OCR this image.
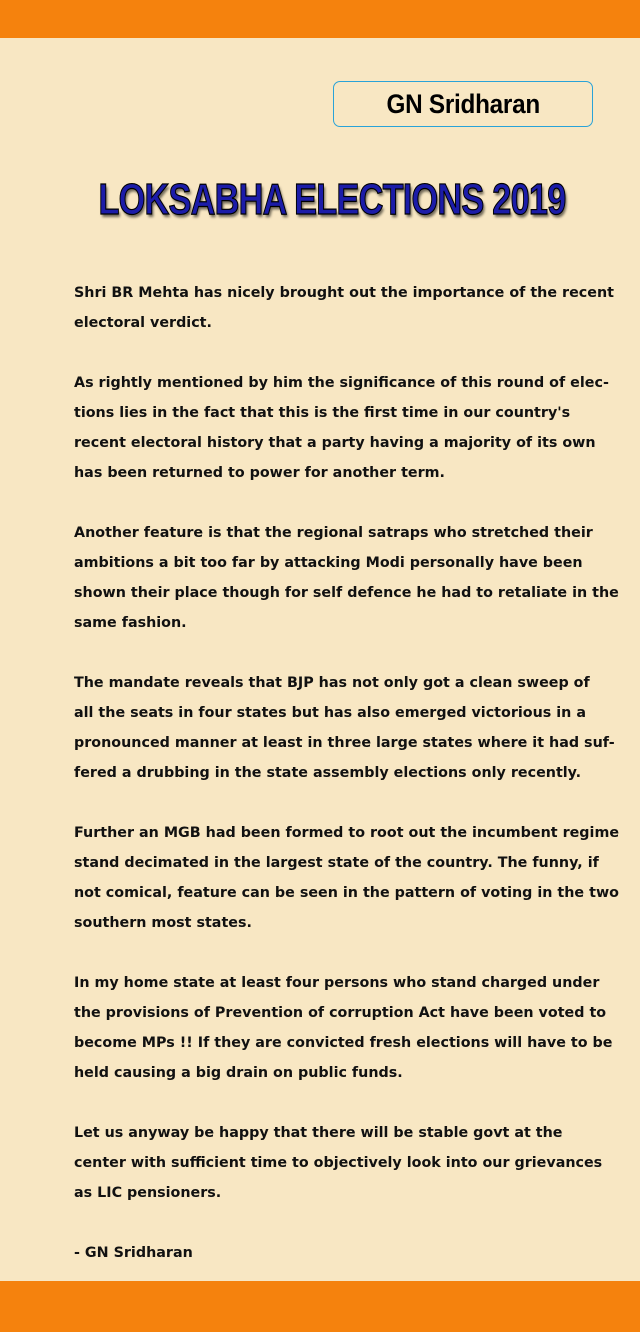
GN Sridharan
LOKSABHA ELECTIONS 2019

Shri BR Mehta has nicely brought out the importance of the recent
electoral verdict.

As rightly mentioned by him the significance of this round of elec-
tions lies in the fact that this is the first time in our country's
recent electoral history that a party having a majority of its own
has been returned to power for another term.

Another feature is that the regional satraps who stretched their
ambitions a bit too far by attacking Modi personally have been
shown their place though for self defence he had to retaliate in the
same fashion.

The mandate reveals that BJP has not only got a clean sweep of
all the seats in four states but has also emerged victorious in a
pronounced manner at least in three large states where it had suf-
fered a drubbing in the state assembly elections only recently.

Further an MGB had been formed to root out the incumbent regime
stand decimated in the largest state of the country. The funny, if
not comical, feature can be seen in the pattern of voting in the two
southern most states.

In my home state at least four persons who stand charged under
the provisions of Prevention of corruption Act have been voted to
become MPs !! If they are convicted fresh elections will have to be
held causing a big drain on public funds.

Let us anyway be happy that there will be stable govt at the
center with sufficient time to objectively look into our grievances
as LIC pensioners.

- GN Sridharan
